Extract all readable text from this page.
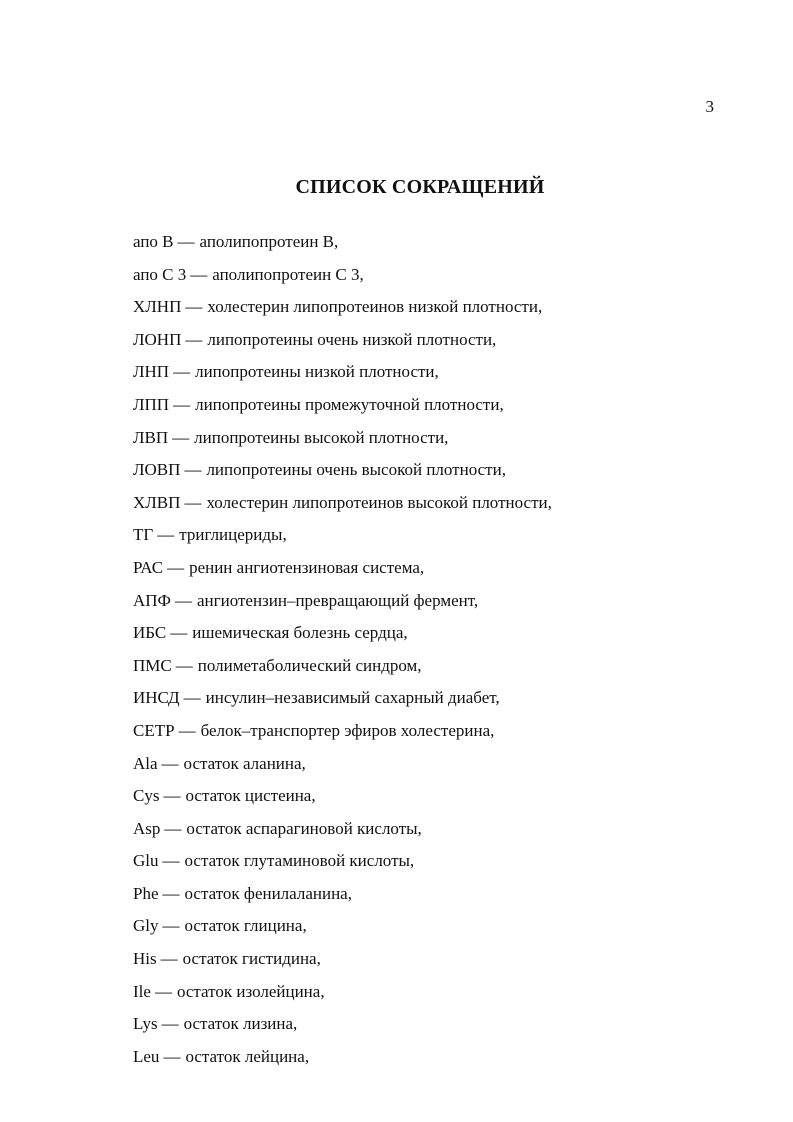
3
СПИСОК СОКРАЩЕНИЙ
апо B — аполипопротеин B,
апо C 3 — аполипопротеин C 3,
ХЛНП — холестерин липопротеинов низкой плотности,
ЛОНП — липопротеины очень низкой плотности,
ЛНП — липопротеины низкой плотности,
ЛПП — липопротеины промежуточной плотности,
ЛВП — липопротеины высокой плотности,
ЛОВП — липопротеины очень высокой плотности,
ХЛВП — холестерин липопротеинов высокой плотности,
ТГ — триглицериды,
РАС — ренин ангиотензиновая система,
АПФ — ангиотензин–превращающий фермент,
ИБС — ишемическая болезнь сердца,
ПМС — полиметаболический синдром,
ИНСД — инсулин–независимый сахарный диабет,
CETP — белок–транспортер эфиров холестерина,
Ala — остаток аланина,
Cys — остаток цистеина,
Asp — остаток аспарагиновой кислоты,
Glu — остаток глутаминовой кислоты,
Phe — остаток фенилаланина,
Gly — остаток глицина,
His — остаток гистидина,
Ile — остаток изолейцина,
Lys — остаток лизина,
Leu — остаток лейцина,
